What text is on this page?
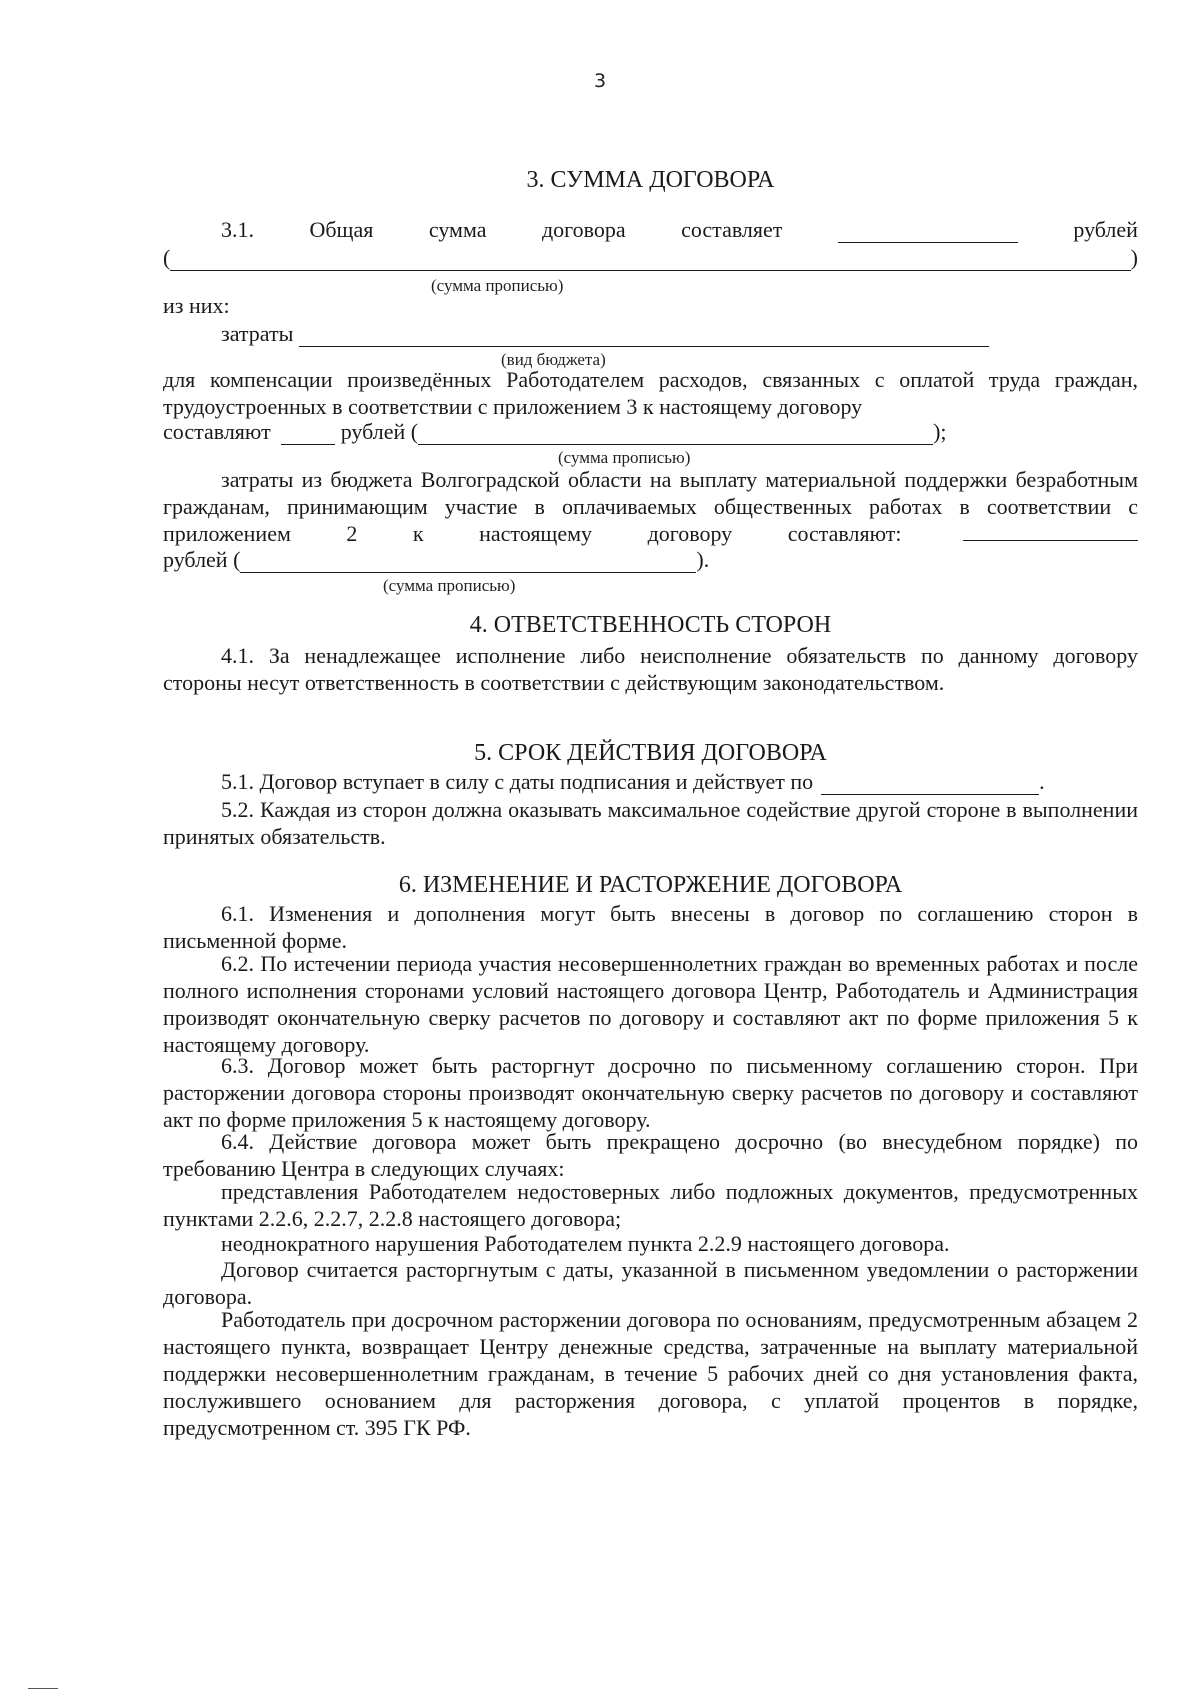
3
3. СУММА ДОГОВОРА
3.1.	Общая	сумма	договора	составляет	рублей
(	)
(сумма прописью)
из них:
затраты
(вид бюджета)
для компенсации произведённых Работодателем расходов, связанных с оплатой труда граждан, трудоустроенных в соответствии с приложением 3 к настоящему договору
составляют	рублей (	);
(сумма прописью)
затраты из бюджета Волгоградской области на выплату материальной поддержки безработным гражданам, принимающим участие в оплачиваемых общественных работах в соответствии с приложением 2 к настоящему договору составляют:
рублей (	).
(сумма прописью)
4. ОТВЕТСТВЕННОСТЬ СТОРОН
4.1. За ненадлежащее исполнение либо неисполнение обязательств по данному договору стороны несут ответственность в соответствии с действующим законодательством.
5. СРОК ДЕЙСТВИЯ ДОГОВОРА
5.1. Договор вступает в силу с даты подписания и действует по	.
5.2. Каждая из сторон должна оказывать максимальное содействие другой стороне в выполнении принятых обязательств.
6. ИЗМЕНЕНИЕ И РАСТОРЖЕНИЕ ДОГОВОРА
6.1. Изменения и дополнения могут быть внесены в договор по соглашению сторон в письменной форме.
6.2. По истечении периода участия несовершеннолетних граждан во временных работах и после полного исполнения сторонами условий настоящего договора Центр, Работодатель и Администрация производят окончательную сверку расчетов по договору и составляют акт по форме приложения 5 к настоящему договору.
6.3. Договор может быть расторгнут досрочно по письменному соглашению сторон. При расторжении договора стороны производят окончательную сверку расчетов по договору и составляют акт по форме приложения 5 к настоящему договору.
6.4. Действие договора может быть прекращено досрочно (во внесудебном порядке) по требованию Центра в следующих случаях:
представления Работодателем недостоверных либо подложных документов, предусмотренных пунктами 2.2.6, 2.2.7, 2.2.8 настоящего договора;
неоднократного нарушения Работодателем пункта 2.2.9 настоящего договора.
Договор считается расторгнутым с даты, указанной в письменном уведомлении о расторжении договора.
Работодатель при досрочном расторжении договора по основаниям, предусмотренным абзацем 2 настоящего пункта, возвращает Центру денежные средства, затраченные на выплату материальной поддержки несовершеннолетним гражданам, в течение 5 рабочих дней со дня установления факта, послужившего основанием для расторжения договора, с уплатой процентов в порядке, предусмотренном ст. 395 ГК РФ.
